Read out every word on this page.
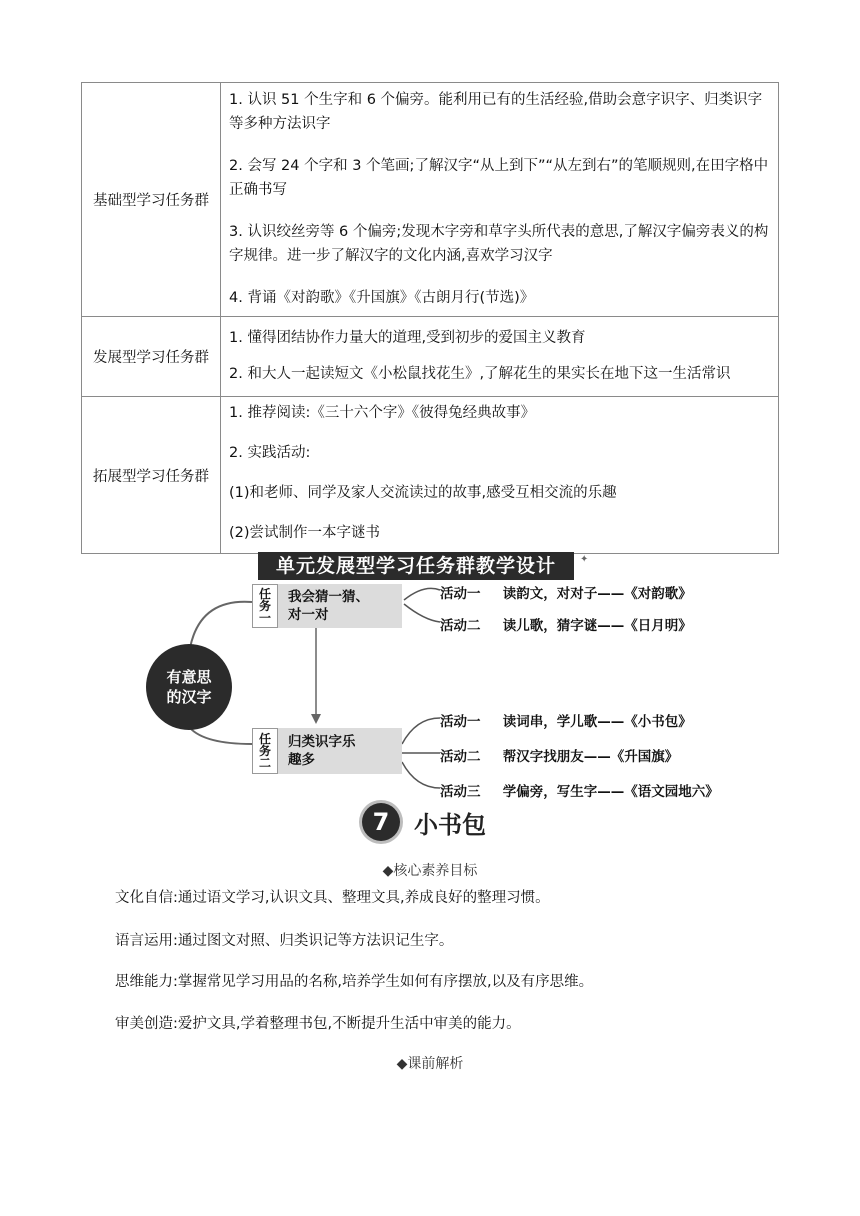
基础型学习任务群	1. 认识 51 个生字和 6 个偏旁。能利用已有的生活经验,借助会意字识字、归类识字等多种方法识字
2. 会写 24 个字和 3 个笔画;了解汉字“从上到下”“从左到右”的笔顺规则,在田字格中正确书写
3. 认识绞丝旁等 6 个偏旁;发现木字旁和草字头所代表的意思,了解汉字偏旁表义的构字规律。进一步了解汉字的文化内涵,喜欢学习汉字
4. 背诵《对韵歌》《升国旗》《古朗月行(节选)》

发展型学习任务群	1. 懂得团结协作力量大的道理,受到初步的爱国主义教育
2. 和大人一起读短文《小松鼠找花生》,了解花生的果实长在地下这一生活常识

拓展型学习任务群	1. 推荐阅读:《三十六个字》《彼得兔经典故事》
2. 实践活动:
(1)和老师、同学及家人交流读过的故事,感受互相交流的乐趣
(2)尝试制作一本字谜书
单元发展型学习任务群教学设计	✦
有意思
的汉字
任
务
一
我会猜一猜、
对一对
活动一 读韵文，对对子——《对韵歌》
活动二 读儿歌，猜字谜——《日月明》
任
务
二
归类识字乐
趣多
活动一 读词串，学儿歌——《小书包》
活动二 帮汉字找朋友——《升国旗》
活动三 学偏旁，写生字——《语文园地六》
7	小书包
◆核心素养目标
文化自信:通过语文学习,认识文具、整理文具,养成良好的整理习惯。
语言运用:通过图文对照、归类识记等方法识记生字。
思维能力:掌握常见学习用品的名称,培养学生如何有序摆放,以及有序思维。
审美创造:爱护文具,学着整理书包,不断提升生活中审美的能力。
◆课前解析
